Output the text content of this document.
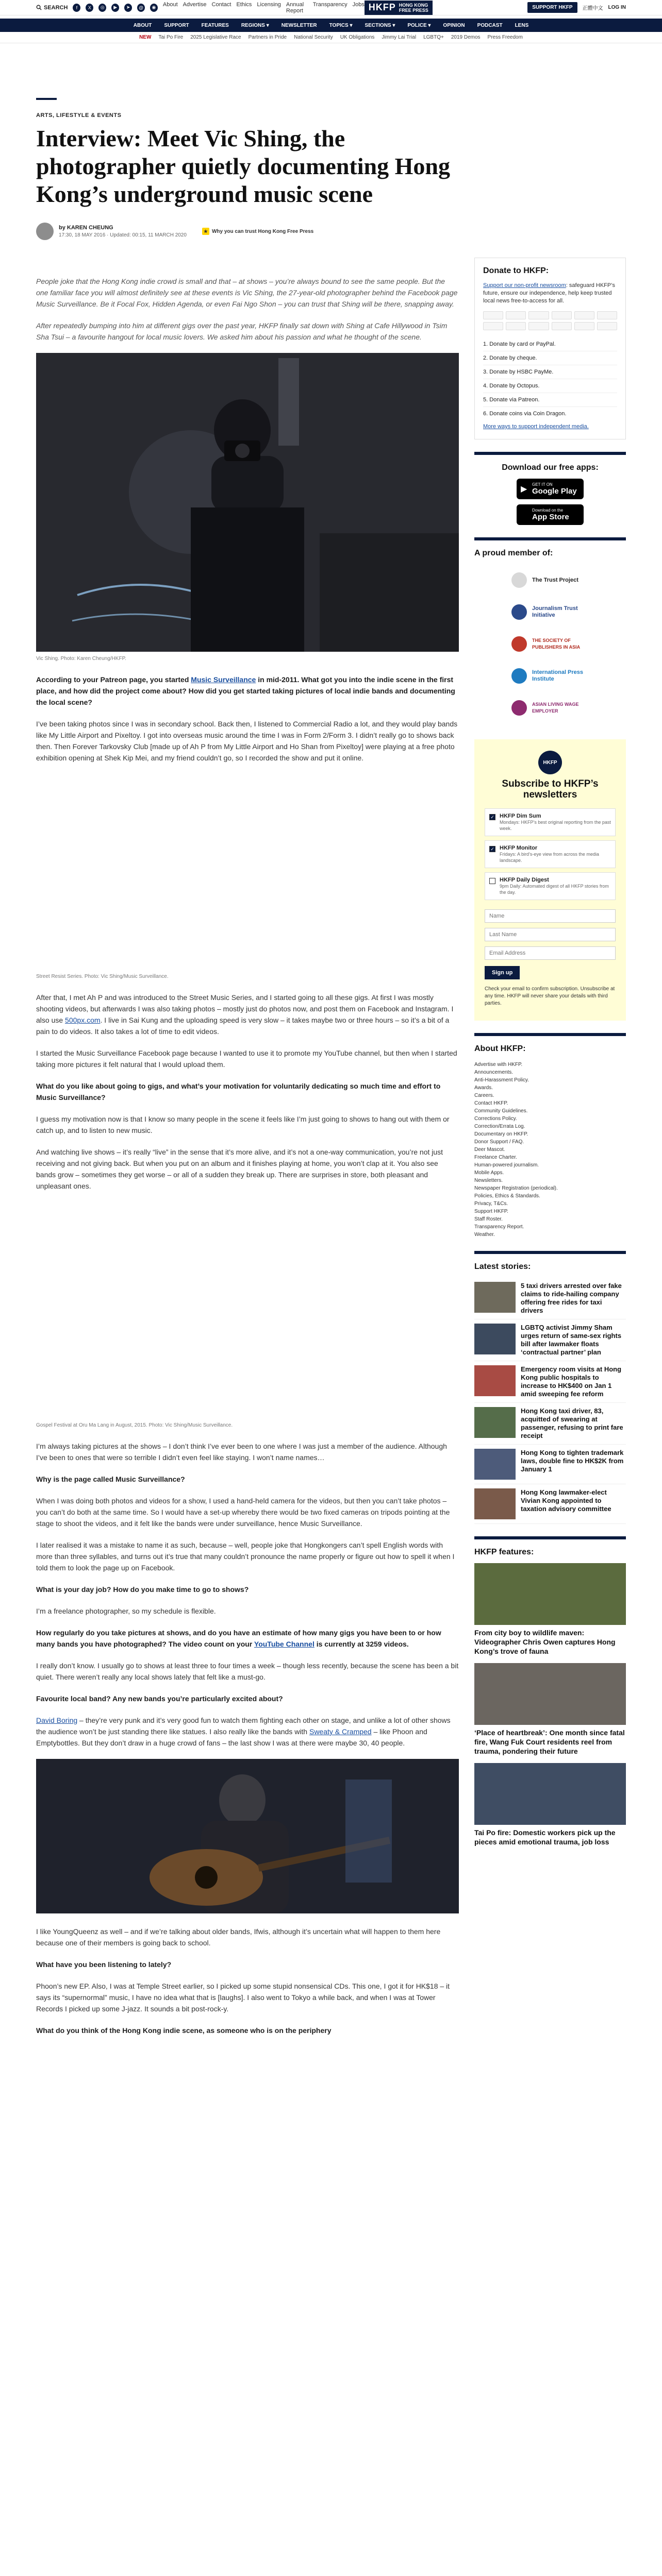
SEARCH	f	X	◎	▶	➤	@	◉	About Advertise Contact Ethics Licensing Annual Report
Transparency Jobs HKFP HONG KONG
FREE PRESS	SUPPORT HKFP	正體中文 LOG IN
ABOUT SUPPORT FEATURES REGIONS ▾ NEWSLETTER TOPICS ▾ SECTIONS ▾ POLICE ▾ OPINION PODCAST LENS
NEW Tai Po Fire 2025 Legislative Race Partners in Pride National Security UK Obligations Jimmy Lai Trial LGBTQ+ 2019 Demos Press Freedom
ARTS, LIFESTYLE & EVENTS
Interview: Meet Vic Shing, the photographer quietly documenting Hong Kong’s underground music scene
by KAREN CHEUNG
17:30, 18 MAY 2016 · Updated: 00:15, 11 MARCH 2020
★ Why you can trust Hong Kong Free Press

People joke that the Hong Kong indie crowd is small and that – at shows – you’re always bound to see the same people. But the one familiar face you will almost definitely see at these events is Vic Shing, the 27-year-old photographer behind the Facebook page Music Surveillance. Be it Focal Fox, Hidden Agenda, or even Fai Ngo Shon – you can trust that Shing will be there, snapping away.

After repeatedly bumping into him at different gigs over the past year, HKFP finally sat down with Shing at Cafe Hillywood in Tsim Sha Tsui – a favourite hangout for local music lovers. We asked him about his passion and what he thought of the scene.

Vic Shing. Photo: Karen Cheung/HKFP.

According to your Patreon page, you started Music Surveillance in mid-2011. What got you into the indie scene in the first place, and how did the project come about? How did you get started taking pictures of local indie bands and documenting the local scene?

I’ve been taking photos since I was in secondary school. Back then, I listened to Commercial Radio a lot, and they would play bands like My Little Airport and Pixeltoy. I got into overseas music around the time I was in Form 2/Form 3. I didn’t really go to shows back then. Then Forever Tarkovsky Club [made up of Ah P from My Little Airport and Ho Shan from Pixeltoy] were playing at a free photo exhibition opening at Shek Kip Mei, and my friend couldn’t go, so I recorded the show and put it online.

Street Resist Series. Photo: Vic Shing/Music Surveillance.

After that, I met Ah P and was introduced to the Street Music Series, and I started going to all these gigs. At first I was mostly shooting videos, but afterwards I was also taking photos – mostly just do photos now, and post them on Facebook and Instagram. I also use 500px.com. I live in Sai Kung and the uploading speed is very slow – it takes maybe two or three hours – so it’s a bit of a pain to do videos. It also takes a lot of time to edit videos.

I started the Music Surveillance Facebook page because I wanted to use it to promote my YouTube channel, but then when I started taking more pictures it felt natural that I would upload them.

What do you like about going to gigs, and what’s your motivation for voluntarily dedicating so much time and effort to Music Surveillance?

I guess my motivation now is that I know so many people in the scene it feels like I’m just going to shows to hang out with them or catch up, and to listen to new music.

And watching live shows – it’s really “live” in the sense that it’s more alive, and it’s not a one-way communication, you’re not just receiving and not giving back. But when you put on an album and it finishes playing at home, you won’t clap at it. You also see bands grow – sometimes they get worse – or all of a sudden they break up. There are surprises in store, both pleasant and unpleasant ones.

Gospel Festival at Oru Ma Lang in August, 2015. Photo: Vic Shing/Music Surveillance.

I’m always taking pictures at the shows – I don’t think I’ve ever been to one where I was just a member of the audience. Although I’ve been to ones that were so terrible I didn’t even feel like staying. I won’t name names…

Why is the page called Music Surveillance?

When I was doing both photos and videos for a show, I used a hand-held camera for the videos, but then you can’t take photos – you can’t do both at the same time. So I would have a set-up whereby there would be two fixed cameras on tripods pointing at the stage to shoot the videos, and it felt like the bands were under surveillance, hence Music Surveillance.

I later realised it was a mistake to name it as such, because – well, people joke that Hongkongers can’t spell English words with more than three syllables, and turns out it’s true that many couldn’t pronounce the name properly or figure out how to spell it when I told them to look the page up on Facebook.

What is your day job? How do you make time to go to shows?

I’m a freelance photographer, so my schedule is flexible.

How regularly do you take pictures at shows, and do you have an estimate of how many gigs you have been to or how many bands you have photographed? The video count on your YouTube Channel is currently at 3259 videos.

I really don’t know. I usually go to shows at least three to four times a week – though less recently, because the scene has been a bit quiet. There weren’t really any local shows lately that felt like a must-go.

Favourite local band? Any new bands you’re particularly excited about?

David Boring – they’re very punk and it’s very good fun to watch them fighting each other on stage, and unlike a lot of other shows the audience won’t be just standing there like statues. I also really like the bands with Sweaty & Cramped – like Phoon and Emptybottles. But they don’t draw in a huge crowd of fans – the last show I was at there were maybe 30, 40 people.

I like YoungQueenz as well – and if we’re talking about older bands, Ifwis, although it’s uncertain what will happen to them here because one of their members is going back to school.

What have you been listening to lately?

Phoon’s new EP. Also, I was at Temple Street earlier, so I picked up some stupid nonsensical CDs. This one, I got it for HK$18 – it says its “supernormal” music, I have no idea what that is [laughs]. I also went to Tokyo a while back, and when I was at Tower Records I picked up some J-jazz. It sounds a bit post-rock-y.

What do you think of the Hong Kong indie scene, as someone who is on the periphery

Donate to HKFP:

Support our non-profit newsroom: safeguard HKFP’s future, ensure our independence, help keep trusted local news free-to-access for all.

1. Donate by card or PayPal.
2. Donate by cheque.
3. Donate by HSBC PayMe.
4. Donate by Octopus.
5. Donate via Patreon.
6. Donate coins via Coin Dragon.
More ways to support independent media.
Download our free apps:
▶
GET IT ON
Google Play
Download on the
App Store
A proud member of:
The Trust Project
Journalism Trust Initiative
THE SOCIETY OF PUBLISHERS IN ASIA
International Press Institute
ASIAN LIVING WAGE EMPLOYER
HKFP
Subscribe to HKFP’s newsletters
✓ HKFP Dim Sum
Mondays: HKFP’s best original reporting from the past week.
✓ HKFP Monitor
Fridays: A bird’s-eye view from across the media landscape.
HKFP Daily Digest
9pm Daily: Automated digest of all HKFP stories from the day.
Name Last Name Email Address
Sign up
Check your email to confirm subscription. Unsubscribe at any time. HKFP will never share your details with third parties.
About HKFP:
Advertise with HKFP.
Announcements.
Anti-Harassment Policy.
Awards.
Careers.
Contact HKFP.
Community Guidelines.
Corrections Policy.
Correction/Errata Log.
Documentary on HKFP.
Donor Support / FAQ.
Deer Mascot.
Freelance Charter.
Human-powered journalism.
Mobile Apps.
Newsletters.
Newspaper Registration (periodical).
Policies, Ethics & Standards.
Privacy, T&Cs.
Support HKFP.
Staff Roster.
Transparency Report.
Weather.
Latest stories:
5 taxi drivers arrested over fake claims to ride-hailing company offering free rides for taxi drivers
LGBTQ activist Jimmy Sham urges return of same-sex rights bill after lawmaker floats ‘contractual partner’ plan
Emergency room visits at Hong Kong public hospitals to increase to HK$400 on Jan 1 amid sweeping fee reform
Hong Kong taxi driver, 83, acquitted of swearing at passenger, refusing to print fare receipt
Hong Kong to tighten trademark laws, double fine to HK$2K from January 1
Hong Kong lawmaker-elect Vivian Kong appointed to taxation advisory committee
HKFP features:
From city boy to wildlife maven: Videographer Chris Owen captures Hong Kong’s trove of fauna
‘Place of heartbreak’: One month since fatal fire, Wang Fuk Court residents reel from trauma, pondering their future
Tai Po fire: Domestic workers pick up the pieces amid emotional trauma, job loss
